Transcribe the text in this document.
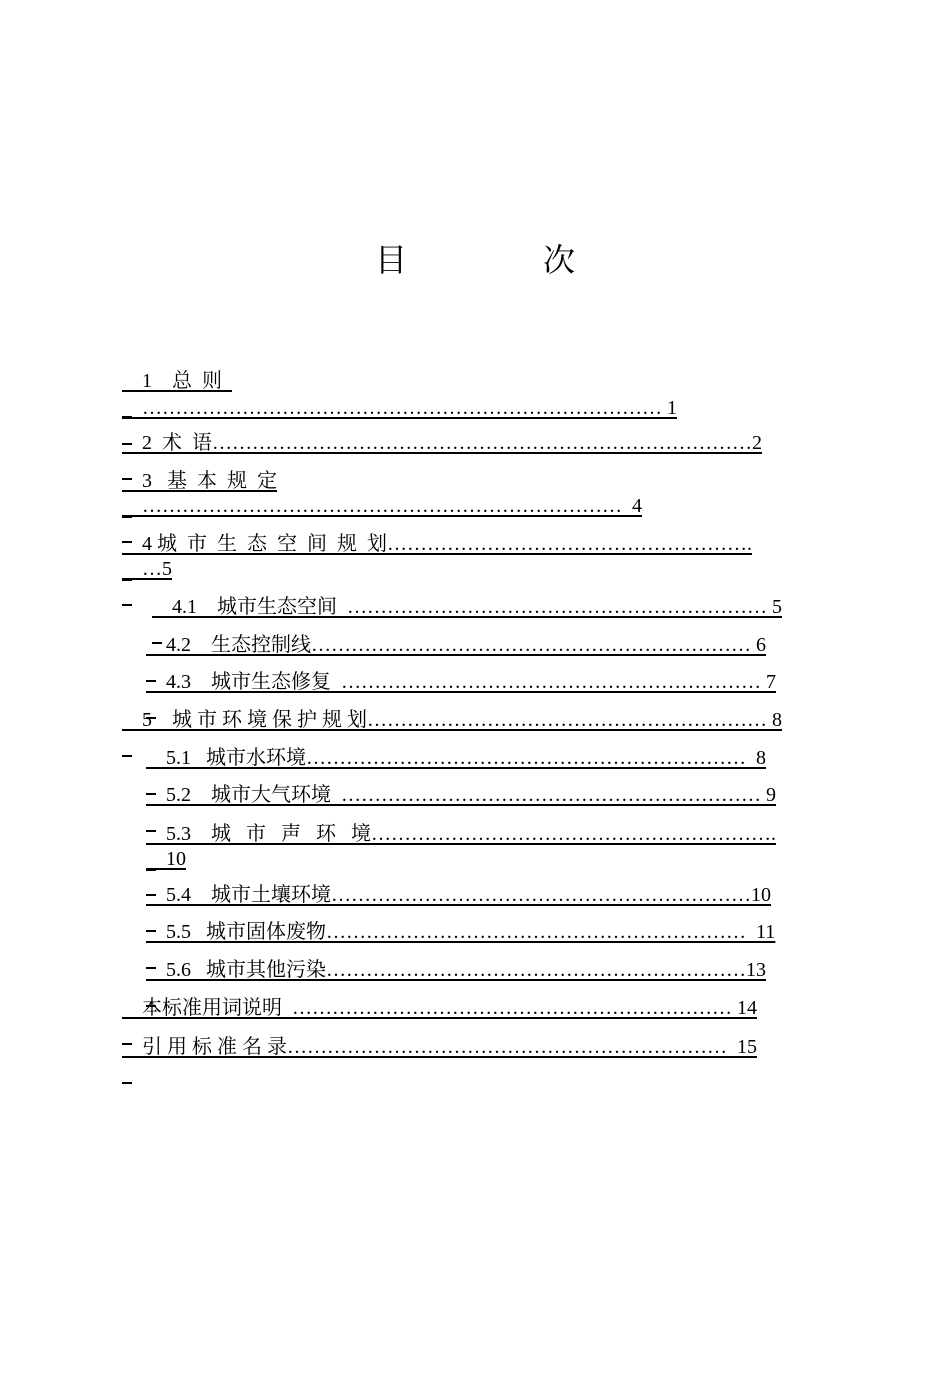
目　次

1　总  则

…………………………………………………………………… 1

2  术  语………………………………………………………………………2

3   基  本  规  定

………………………………………………………………  4

4 城  市  生  态  空  间  规  划……………………………………………….

…5

4.1　城市生态空间  ……………………………………………………… 5

4.2　生态控制线………………………………………………………… 6

4.3　城市生态修复  ……………………………………………………… 7

5    城 市 环 境 保 护 规 划…………………………………………………… 8

5.1   城市水环境…………………………………………………………  8

5.2    城市大气环境  ……………………………………………………… 9

5.3    城   市   声   环   境…………………………………………………….

10

5.4    城市土壤环境………………………………………………………10

5.5   城市固体废物………………………………………………………  11

5.6   城市其他污染………………………………………………………13

本标准用词说明  ………………………………………………………… 14

引 用 标 准 名 录…………………………………………………………  15
